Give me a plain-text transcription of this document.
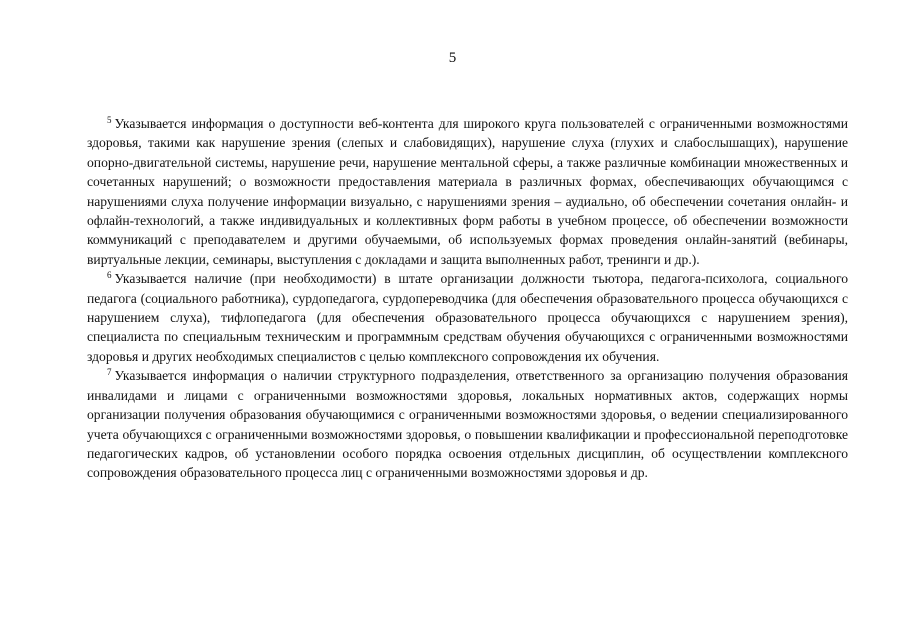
5

$^5$ Указывается информация о доступности веб-контента для широкого круга пользователей с ограниченными возможностями здоровья, такими как нарушение зрения (слепых и слабовидящих), нарушение слуха (глухих и слабослышащих), нарушение опорно-двигательной системы, нарушение речи, нарушение ментальной сферы, а также различные комбинации множественных и сочетанных нарушений; о возможности предоставления материала в различных формах, обеспечивающих обучающимся с нарушениями слуха получение информации визуально, с нарушениями зрения – аудиально, об обеспечении сочетания онлайн- и офлайн-технологий, а также индивидуальных и коллективных форм работы в учебном процессе, об обеспечении возможности коммуникаций с преподавателем и другими обучаемыми, об используемых формах проведения онлайн-занятий (вебинары, виртуальные лекции, семинары, выступления с докладами и защита выполненных работ, тренинги и др.).

$^6$ Указывается наличие (при необходимости) в штате организации должности тьютора, педагога-психолога, социального педагога (социального работника), сурдопедагога, сурдопереводчика (для обеспечения образовательного процесса обучающихся с нарушением слуха), тифлопедагога (для обеспечения образовательного процесса обучающихся с нарушением зрения), специалиста по специальным техническим и программным средствам обучения обучающихся с ограниченными возможностями здоровья и других необходимых специалистов с целью комплексного сопровождения их обучения.

$^7$ Указывается информация о наличии структурного подразделения, ответственного за организацию получения образования инвалидами и лицами с ограниченными возможностями здоровья, локальных нормативных актов, содержащих нормы организации получения образования обучающимися с ограниченными возможностями здоровья, о ведении специализированного учета обучающихся с ограниченными возможностями здоровья, о повышении квалификации и профессиональной переподготовке педагогических кадров, об установлении особого порядка освоения отдельных дисциплин, об осуществлении комплексного сопровождения образовательного процесса лиц с ограниченными возможностями здоровья и др.
